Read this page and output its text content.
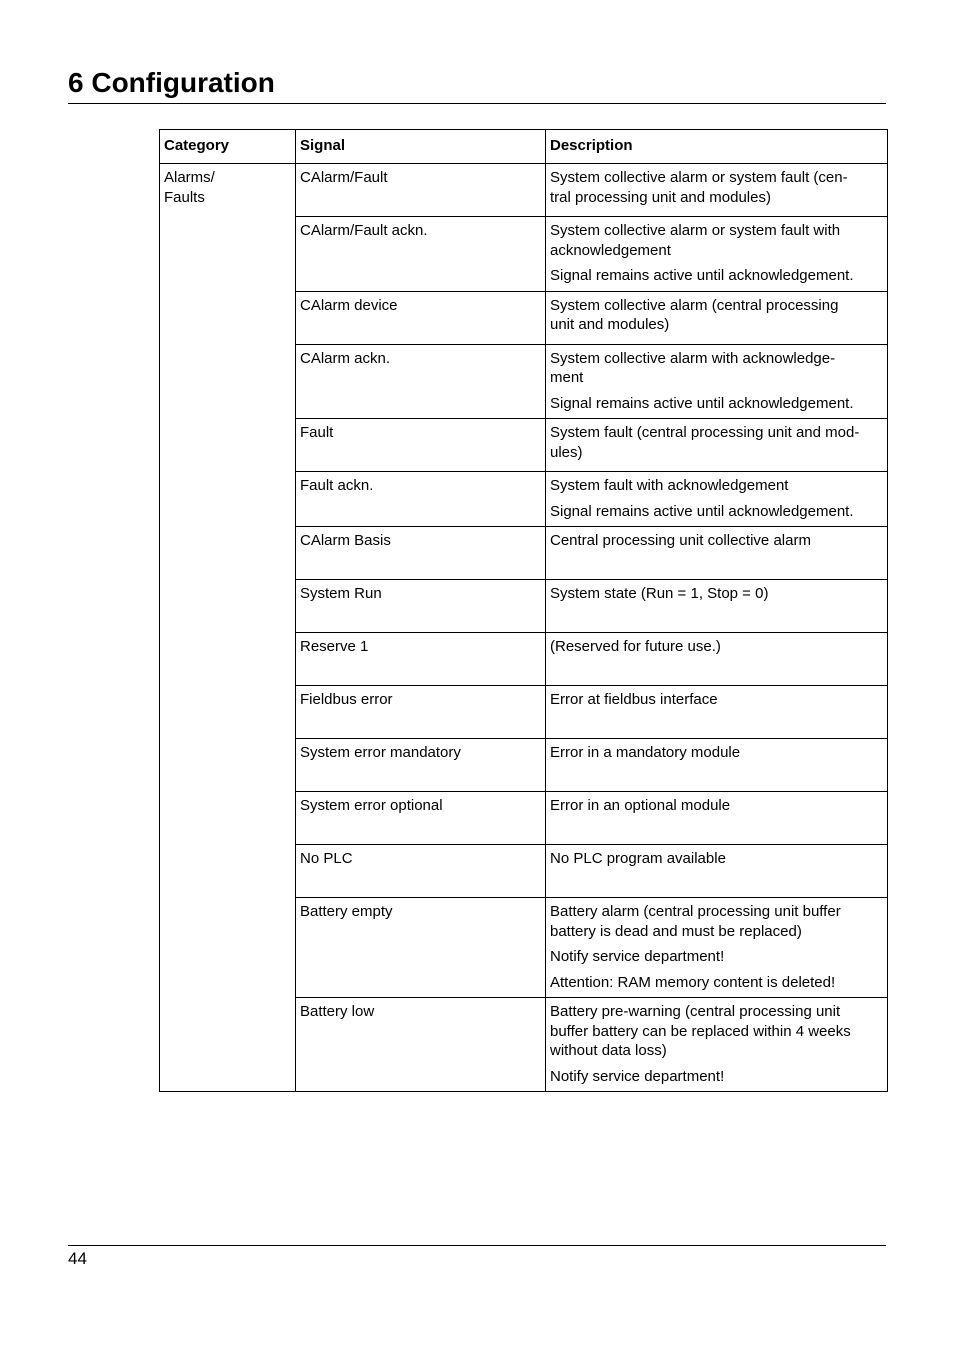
6 Configuration
Category	Signal	Description
Alarms/
Faults	CAlarm/Fault	System collective alarm or system fault (cen-
tral processing unit and modules)

	CAlarm/Fault ackn.	System collective alarm or system fault with
acknowledgement

Signal remains active until acknowledgement.

	CAlarm device	System collective alarm (central processing
unit and modules)

	CAlarm ackn.	System collective alarm with acknowledge-
ment

Signal remains active until acknowledgement.

	Fault	System fault (central processing unit and mod-
ules)

	Fault ackn.	System fault with acknowledgement

Signal remains active until acknowledgement.

	CAlarm Basis	Central processing unit collective alarm

	System Run	System state (Run = 1, Stop = 0)

	Reserve 1	(Reserved for future use.)

	Fieldbus error	Error at fieldbus interface

	System error mandatory	Error in a mandatory module

	System error optional	Error in an optional module

	No PLC	No PLC program available

	Battery empty	Battery alarm (central processing unit buffer
battery is dead and must be replaced)

Notify service department!

Attention: RAM memory content is deleted!

	Battery low	Battery pre-warning (central processing unit
buffer battery can be replaced within 4 weeks
without data loss)

Notify service department!

44
